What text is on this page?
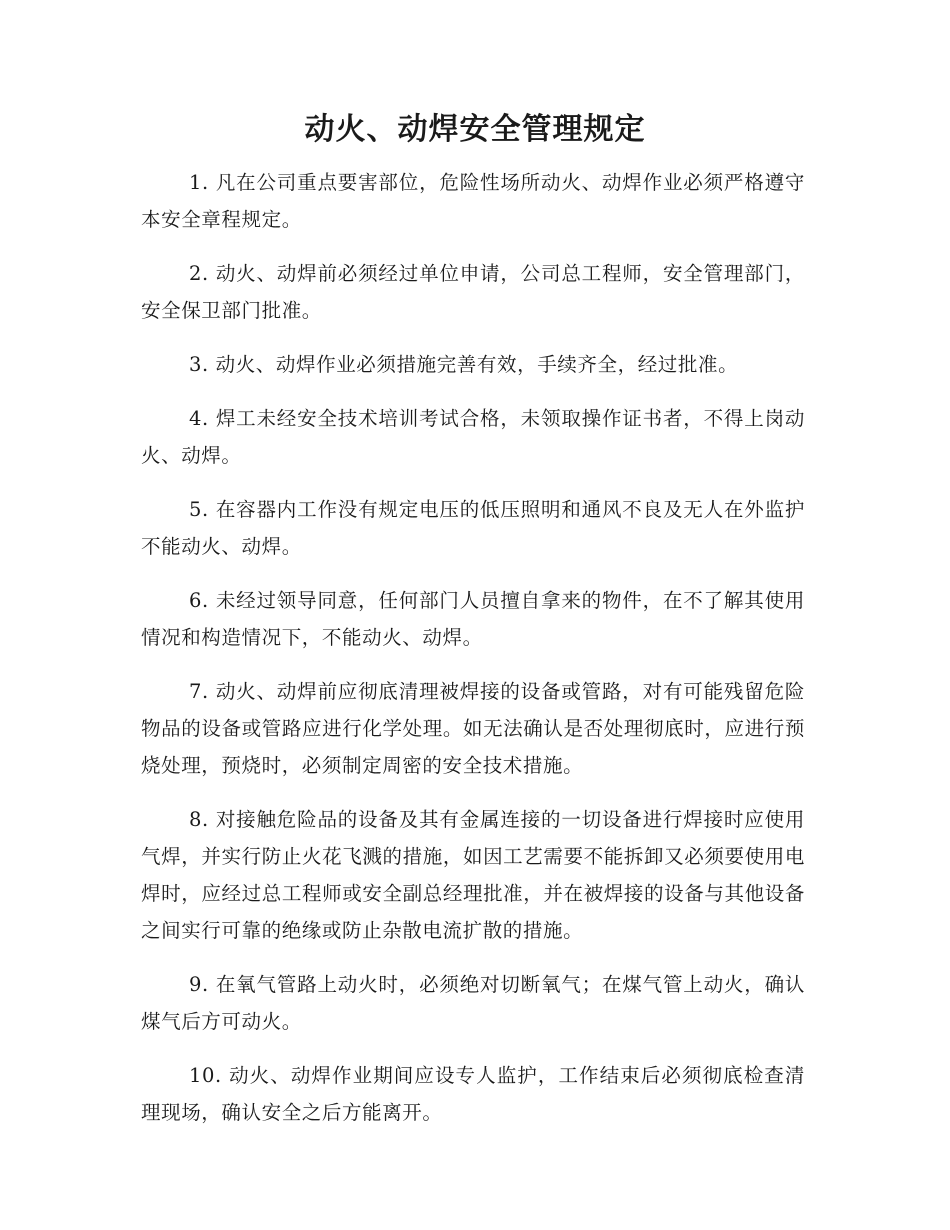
动火、动焊安全管理规定

1. 凡在公司重点要害部位，危险性场所动火、动焊作业必须严格遵守本安全章程规定。

2. 动火、动焊前必须经过单位申请，公司总工程师，安全管理部门，安全保卫部门批准。

3. 动火、动焊作业必须措施完善有效，手续齐全，经过批准。

4. 焊工未经安全技术培训考试合格，未领取操作证书者，不得上岗动火、动焊。

5. 在容器内工作没有规定电压的低压照明和通风不良及无人在外监护不能动火、动焊。

6. 未经过领导同意，任何部门人员擅自拿来的物件，在不了解其使用情况和构造情况下，不能动火、动焊。

7. 动火、动焊前应彻底清理被焊接的设备或管路，对有可能残留危险物品的设备或管路应进行化学处理。如无法确认是否处理彻底时，应进行预烧处理，预烧时，必须制定周密的安全技术措施。

8. 对接触危险品的设备及其有金属连接的一切设备进行焊接时应使用气焊，并实行防止火花飞溅的措施，如因工艺需要不能拆卸又必须要使用电焊时，应经过总工程师或安全副总经理批准，并在被焊接的设备与其他设备之间实行可靠的绝缘或防止杂散电流扩散的措施。

9. 在氧气管路上动火时，必须绝对切断氧气；在煤气管上动火，确认煤气后方可动火。

10. 动火、动焊作业期间应设专人监护，工作结束后必须彻底检查清理现场，确认安全之后方能离开。
